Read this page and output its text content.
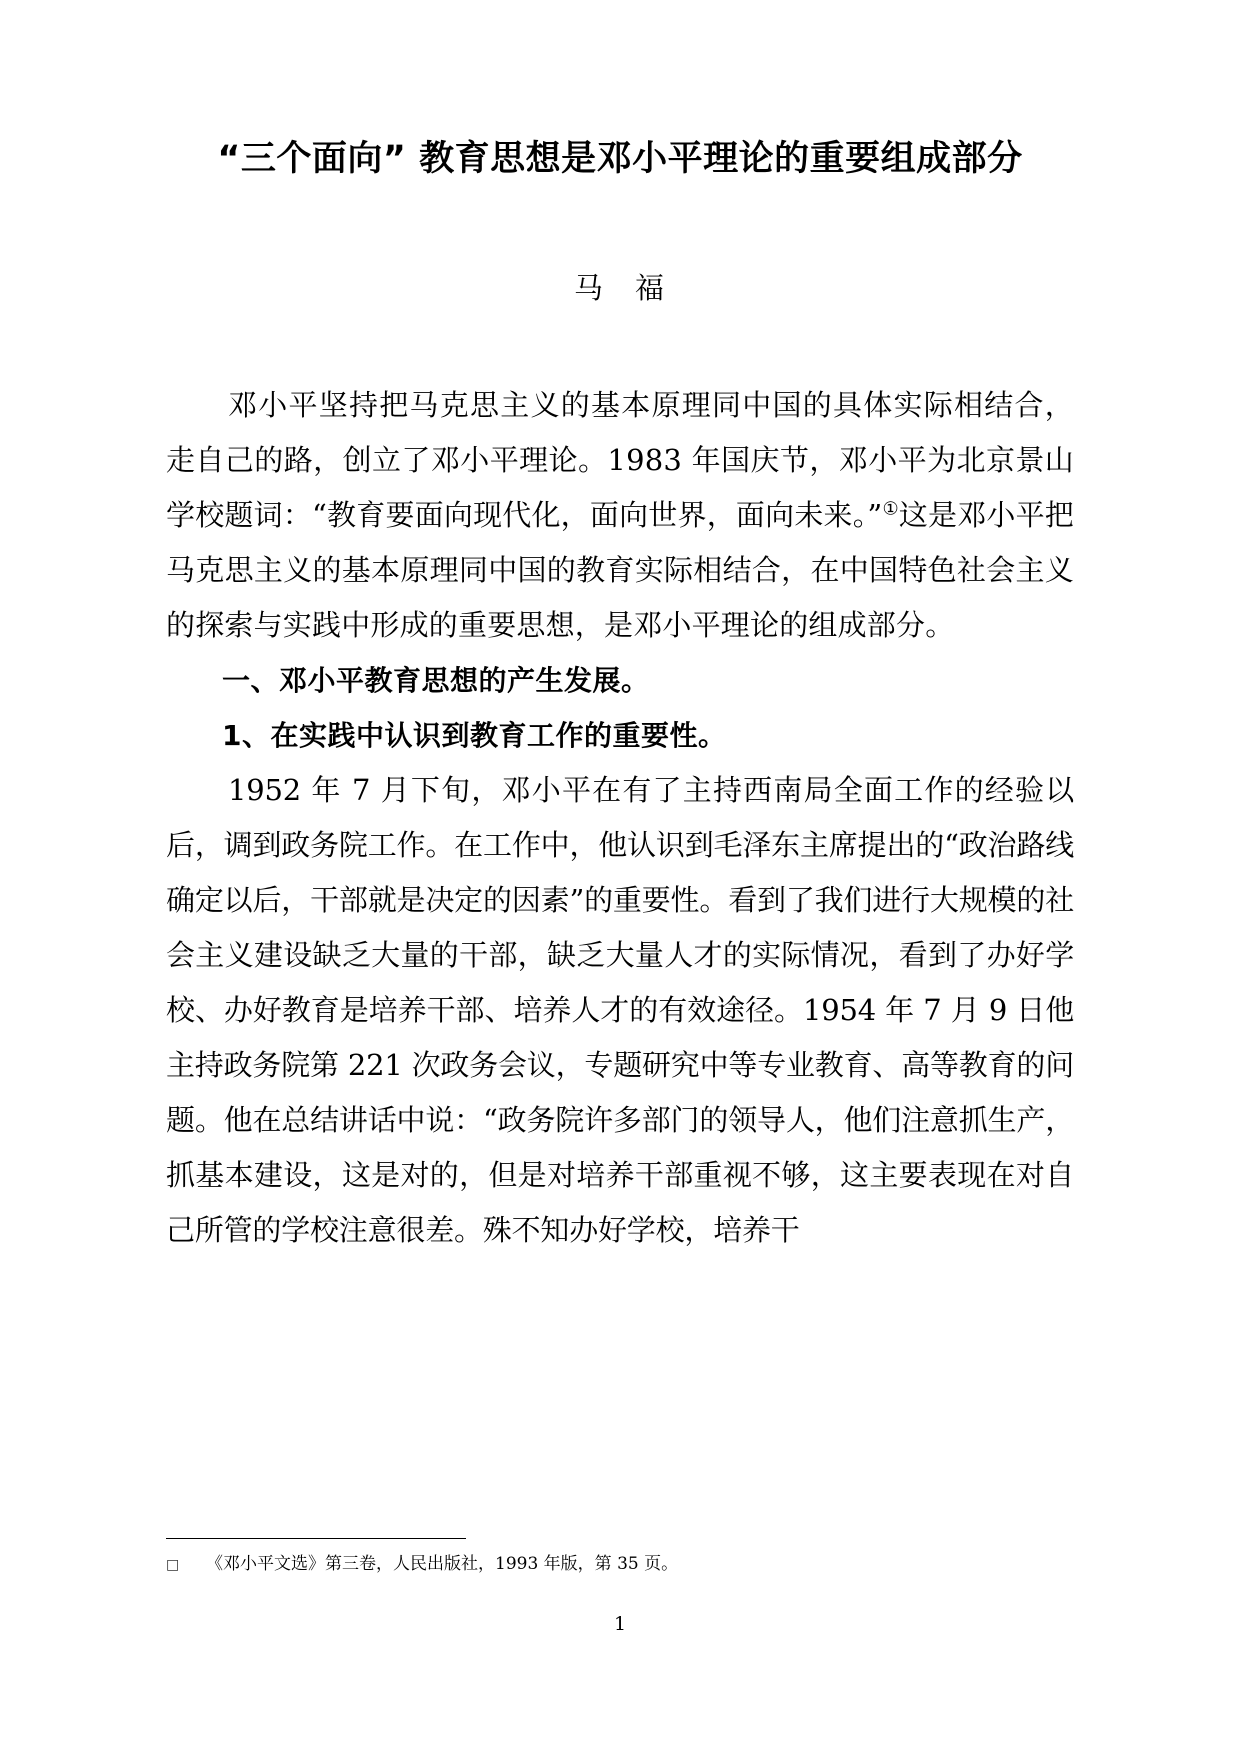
“三个面向” 教育思想是邓小平理论的重要组成部分

马 福

邓小平坚持把马克思主义的基本原理同中国的具体实际相结合，走自己的路，创立了邓小平理论。1983 年国庆节，邓小平为北京景山学校题词：“教育要面向现代化，面向世界，面向未来。”①这是邓小平把马克思主义的基本原理同中国的教育实际相结合，在中国特色社会主义的探索与实践中形成的重要思想，是邓小平理论的组成部分。

一、邓小平教育思想的产生发展。
1、在实践中认识到教育工作的重要性。

1952 年 7 月下旬，邓小平在有了主持西南局全面工作的经验以后，调到政务院工作。在工作中，他认识到毛泽东主席提出的“政治路线确定以后，干部就是决定的因素”的重要性。看到了我们进行大规模的社会主义建设缺乏大量的干部，缺乏大量人才的实际情况，看到了办好学校、办好教育是培养干部、培养人才的有效途径。1954 年 7 月 9 日他主持政务院第 221 次政务会议，专题研究中等专业教育、高等教育的问题。他在总结讲话中说：“政务院许多部门的领导人，他们注意抓生产，抓基本建设，这是对的，但是对培养干部重视不够，这主要表现在对自己所管的学校注意很差。殊不知办好学校，培养干

□ 《邓小平文选》第三卷，人民出版社，1993 年版，第 35 页。

1
